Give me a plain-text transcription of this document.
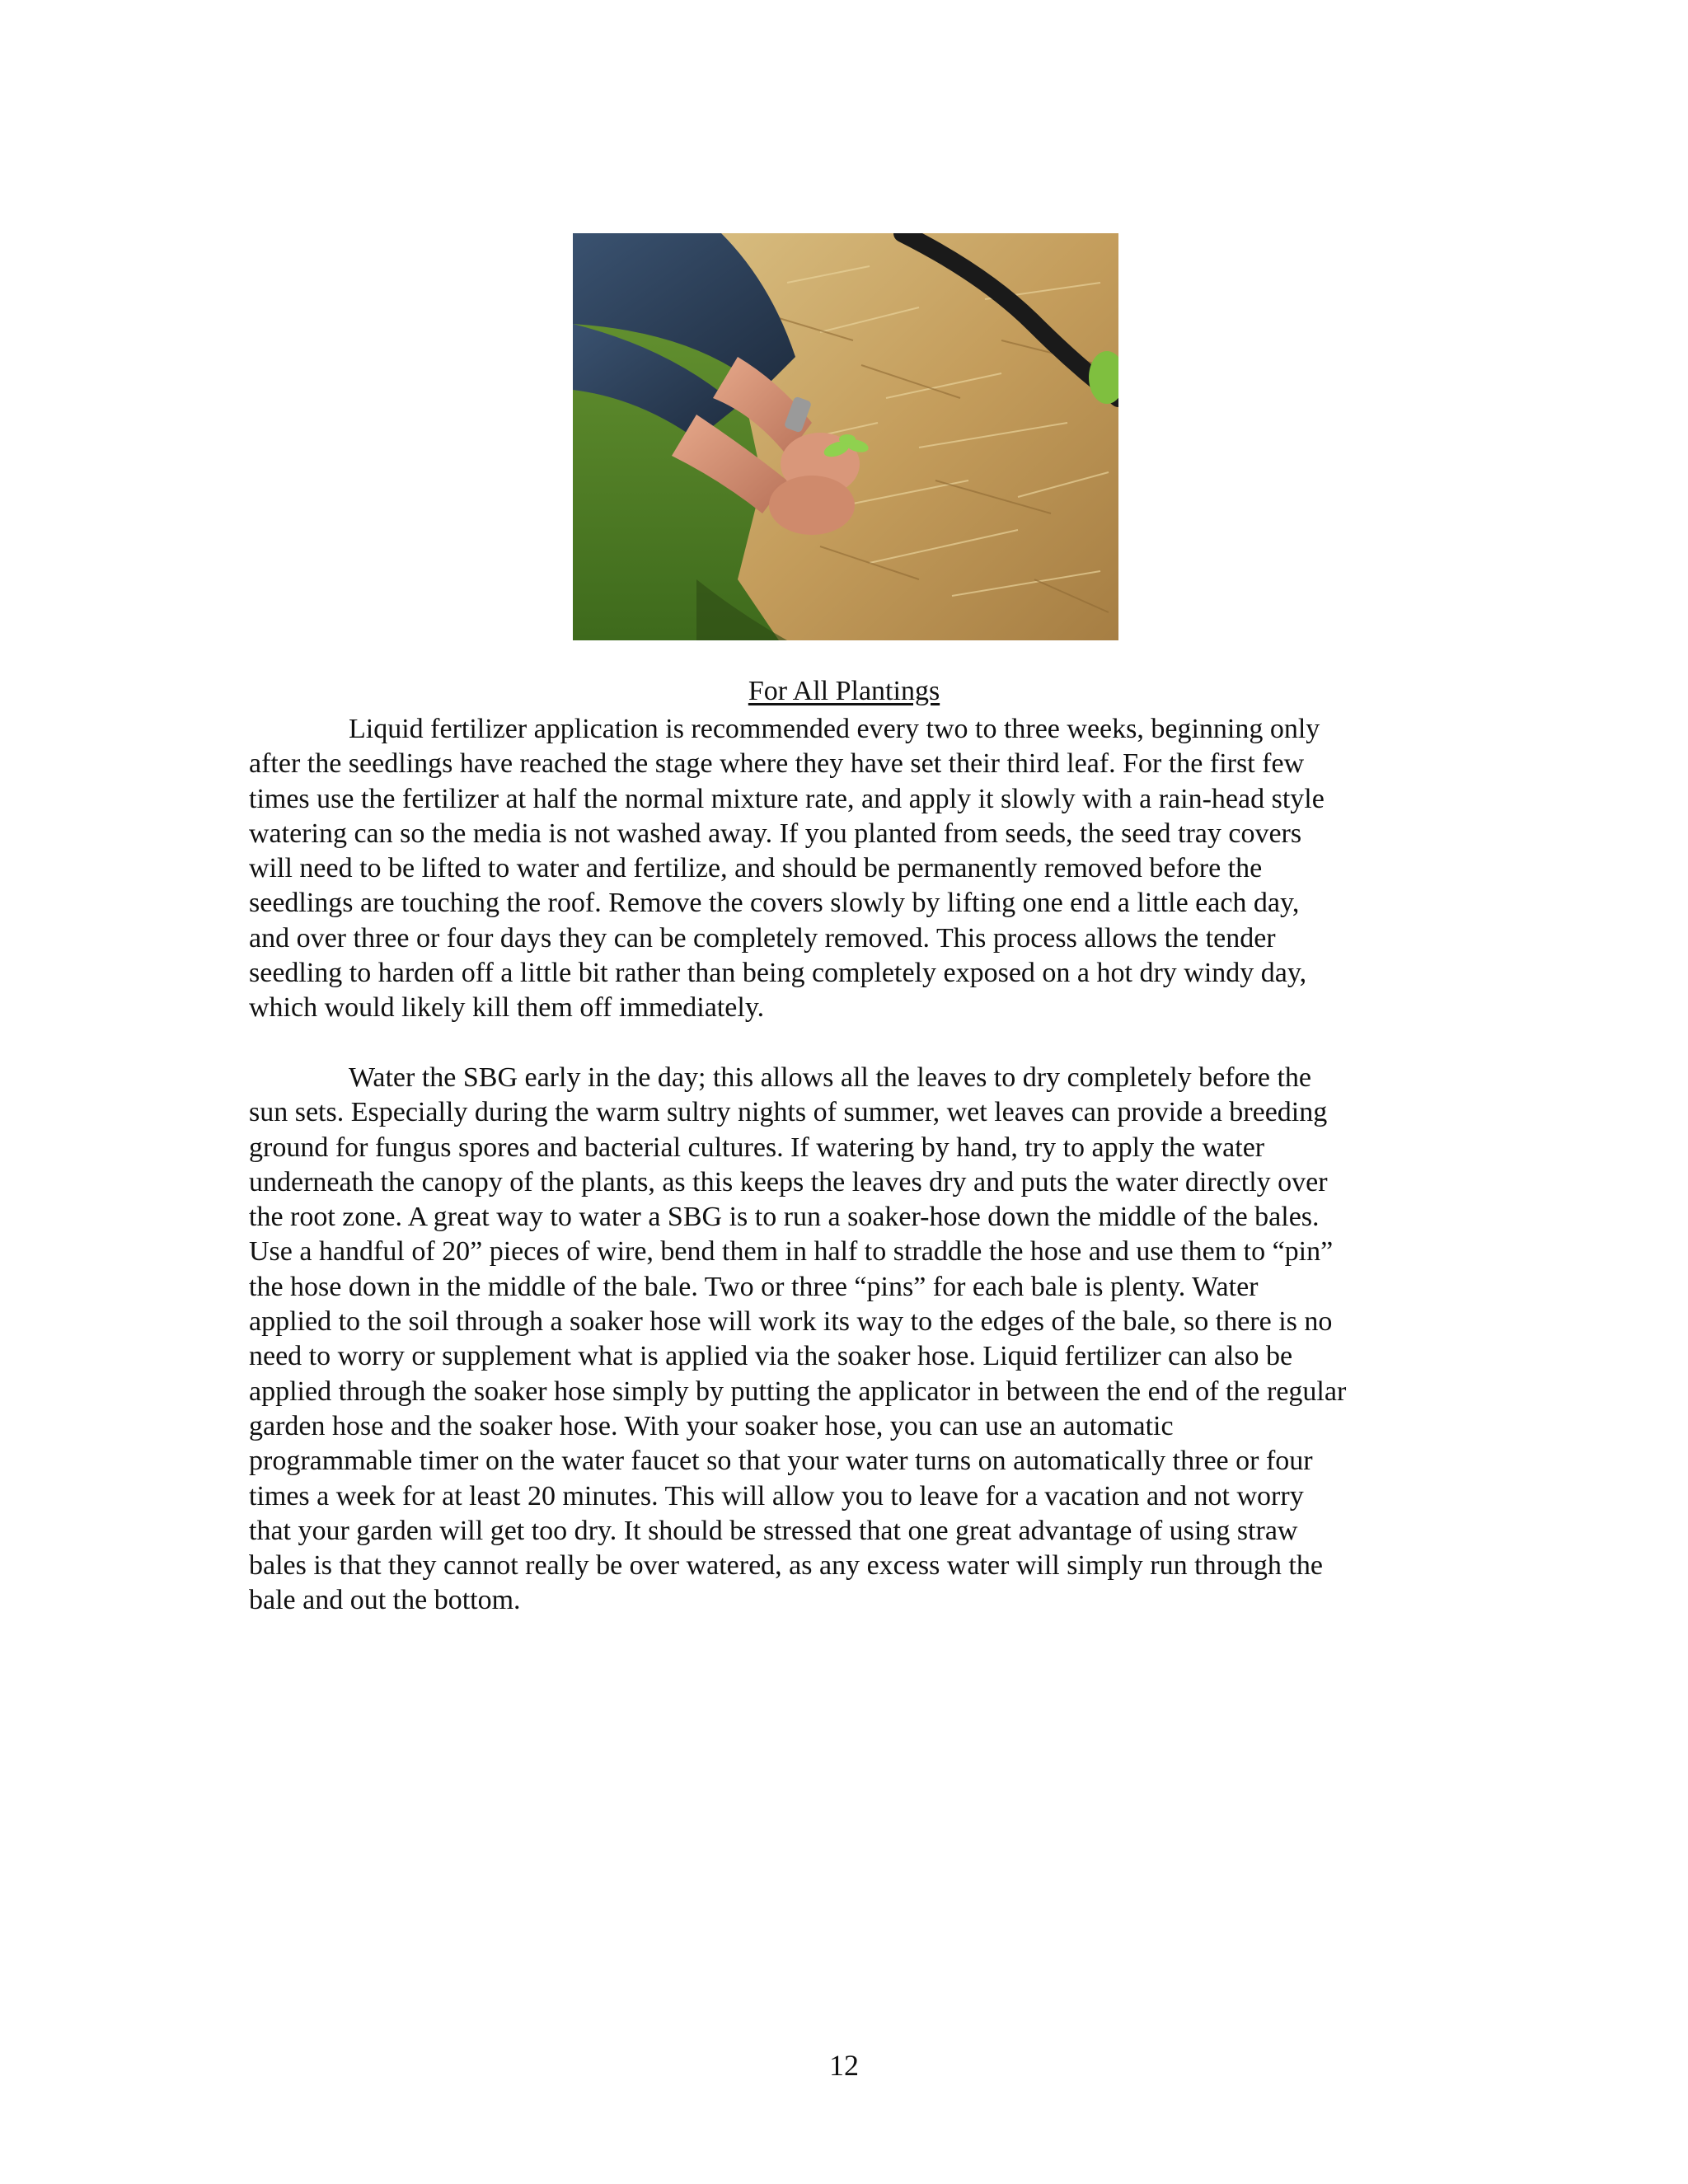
For All Plantings

Liquid fertilizer application is recommended every two to three weeks, beginning only
after the seedlings have reached the stage where they have set their third leaf. For the first few
times use the fertilizer at half the normal mixture rate, and apply it slowly with a rain-head style
watering can so the media is not washed away. If you planted from seeds, the seed tray covers
will need to be lifted to water and fertilize, and should be permanently removed before the
seedlings are touching the roof. Remove the covers slowly by lifting one end a little each day,
and over three or four days they can be completely removed. This process allows the tender
seedling to harden off a little bit rather than being completely exposed on a hot dry windy day,
which would likely kill them off immediately.

Water the SBG early in the day; this allows all the leaves to dry completely before the
sun sets. Especially during the warm sultry nights of summer, wet leaves can provide a breeding
ground for fungus spores and bacterial cultures. If watering by hand, try to apply the water
underneath the canopy of the plants, as this keeps the leaves dry and puts the water directly over
the root zone. A great way to water a SBG is to run a soaker-hose down the middle of the bales.
Use a handful of 20” pieces of wire, bend them in half to straddle the hose and use them to “pin”
the hose down in the middle of the bale. Two or three “pins” for each bale is plenty. Water
applied to the soil through a soaker hose will work its way to the edges of the bale, so there is no
need to worry or supplement what is applied via the soaker hose. Liquid fertilizer can also be
applied through the soaker hose simply by putting the applicator in between the end of the regular
garden hose and the soaker hose. With your soaker hose, you can use an automatic
programmable timer on the water faucet so that your water turns on automatically three or four
times a week for at least 20 minutes. This will allow you to leave for a vacation and not worry
that your garden will get too dry. It should be stressed that one great advantage of using straw
bales is that they cannot really be over watered, as any excess water will simply run through the
bale and out the bottom.

12
